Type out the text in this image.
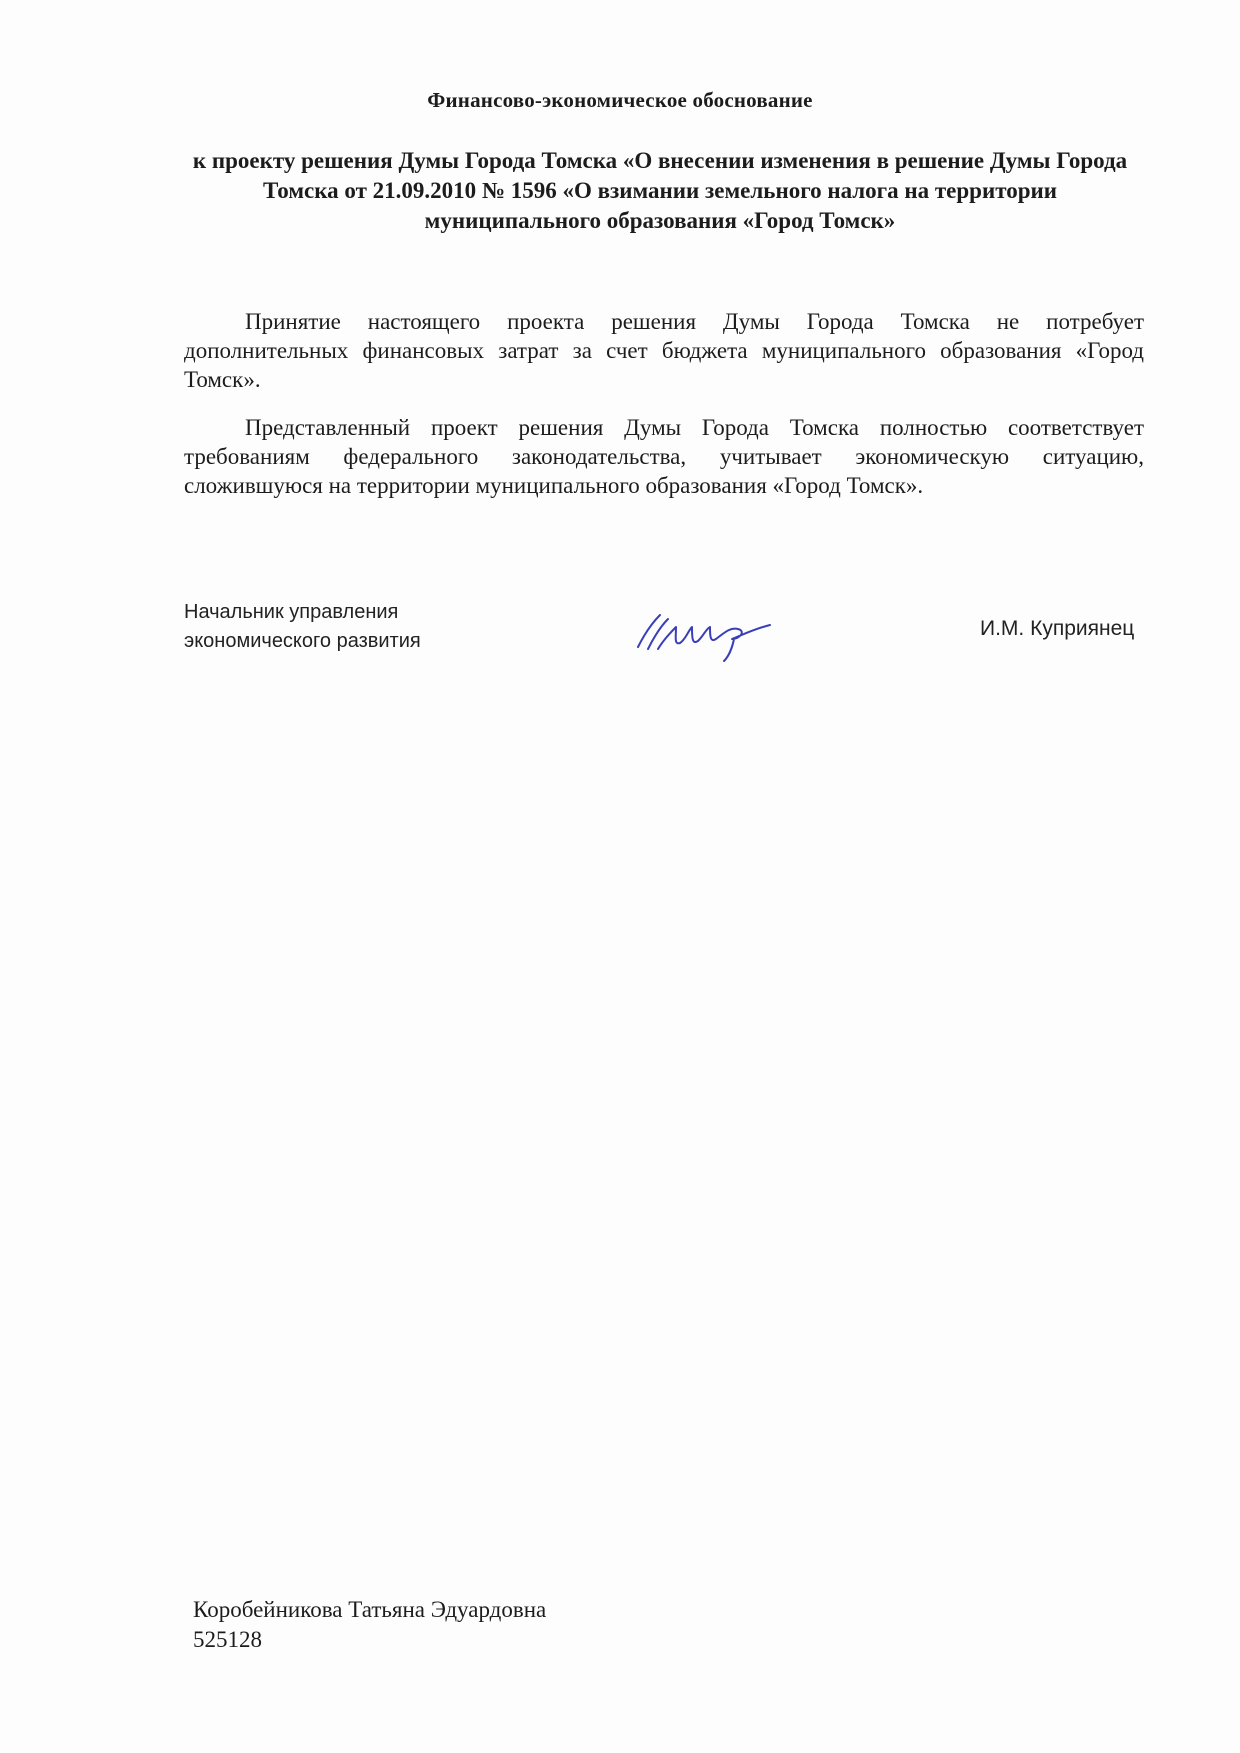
Финансово-экономическое обоснование
к проекту решения Думы Города Томска «О внесении изменения в решение Думы Города Томска от 21.09.2010 № 1596 «О взимании земельного налога на территории муниципального образования «Город Томск»

Принятие настоящего проекта решения Думы Города Томска не потребует дополнительных финансовых затрат за счет бюджета муниципального образования «Город Томск».

Представленный проект решения Думы Города Томска полностью соответствует требованиям федерального законодательства, учитывает экономическую ситуацию, сложившуюся на территории муниципального образования «Город Томск».

Начальник управления
экономического развития
И.М. Куприянец
Коробейникова Татьяна Эдуардовна
525128
